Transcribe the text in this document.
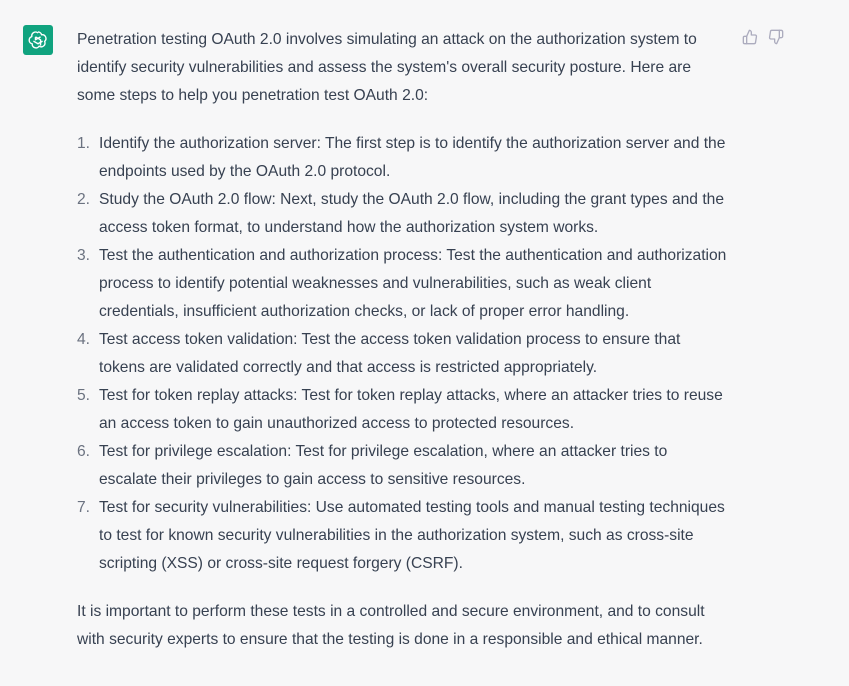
Penetration testing OAuth 2.0 involves simulating an attack on the authorization system to identify security vulnerabilities and assess the system's overall security posture. Here are some steps to help you penetration test OAuth 2.0:

1. Identify the authorization server: The first step is to identify the authorization server and the endpoints used by the OAuth 2.0 protocol.
2. Study the OAuth 2.0 flow: Next, study the OAuth 2.0 flow, including the grant types and the access token format, to understand how the authorization system works.
3. Test the authentication and authorization process: Test the authentication and authorization process to identify potential weaknesses and vulnerabilities, such as weak client credentials, insufficient authorization checks, or lack of proper error handling.
4. Test access token validation: Test the access token validation process to ensure that tokens are validated correctly and that access is restricted appropriately.
5. Test for token replay attacks: Test for token replay attacks, where an attacker tries to reuse an access token to gain unauthorized access to protected resources.
6. Test for privilege escalation: Test for privilege escalation, where an attacker tries to escalate their privileges to gain access to sensitive resources.
7. Test for security vulnerabilities: Use automated testing tools and manual testing techniques to test for known security vulnerabilities in the authorization system, such as cross-site scripting (XSS) or cross-site request forgery (CSRF).

It is important to perform these tests in a controlled and secure environment, and to consult with security experts to ensure that the testing is done in a responsible and ethical manner.
